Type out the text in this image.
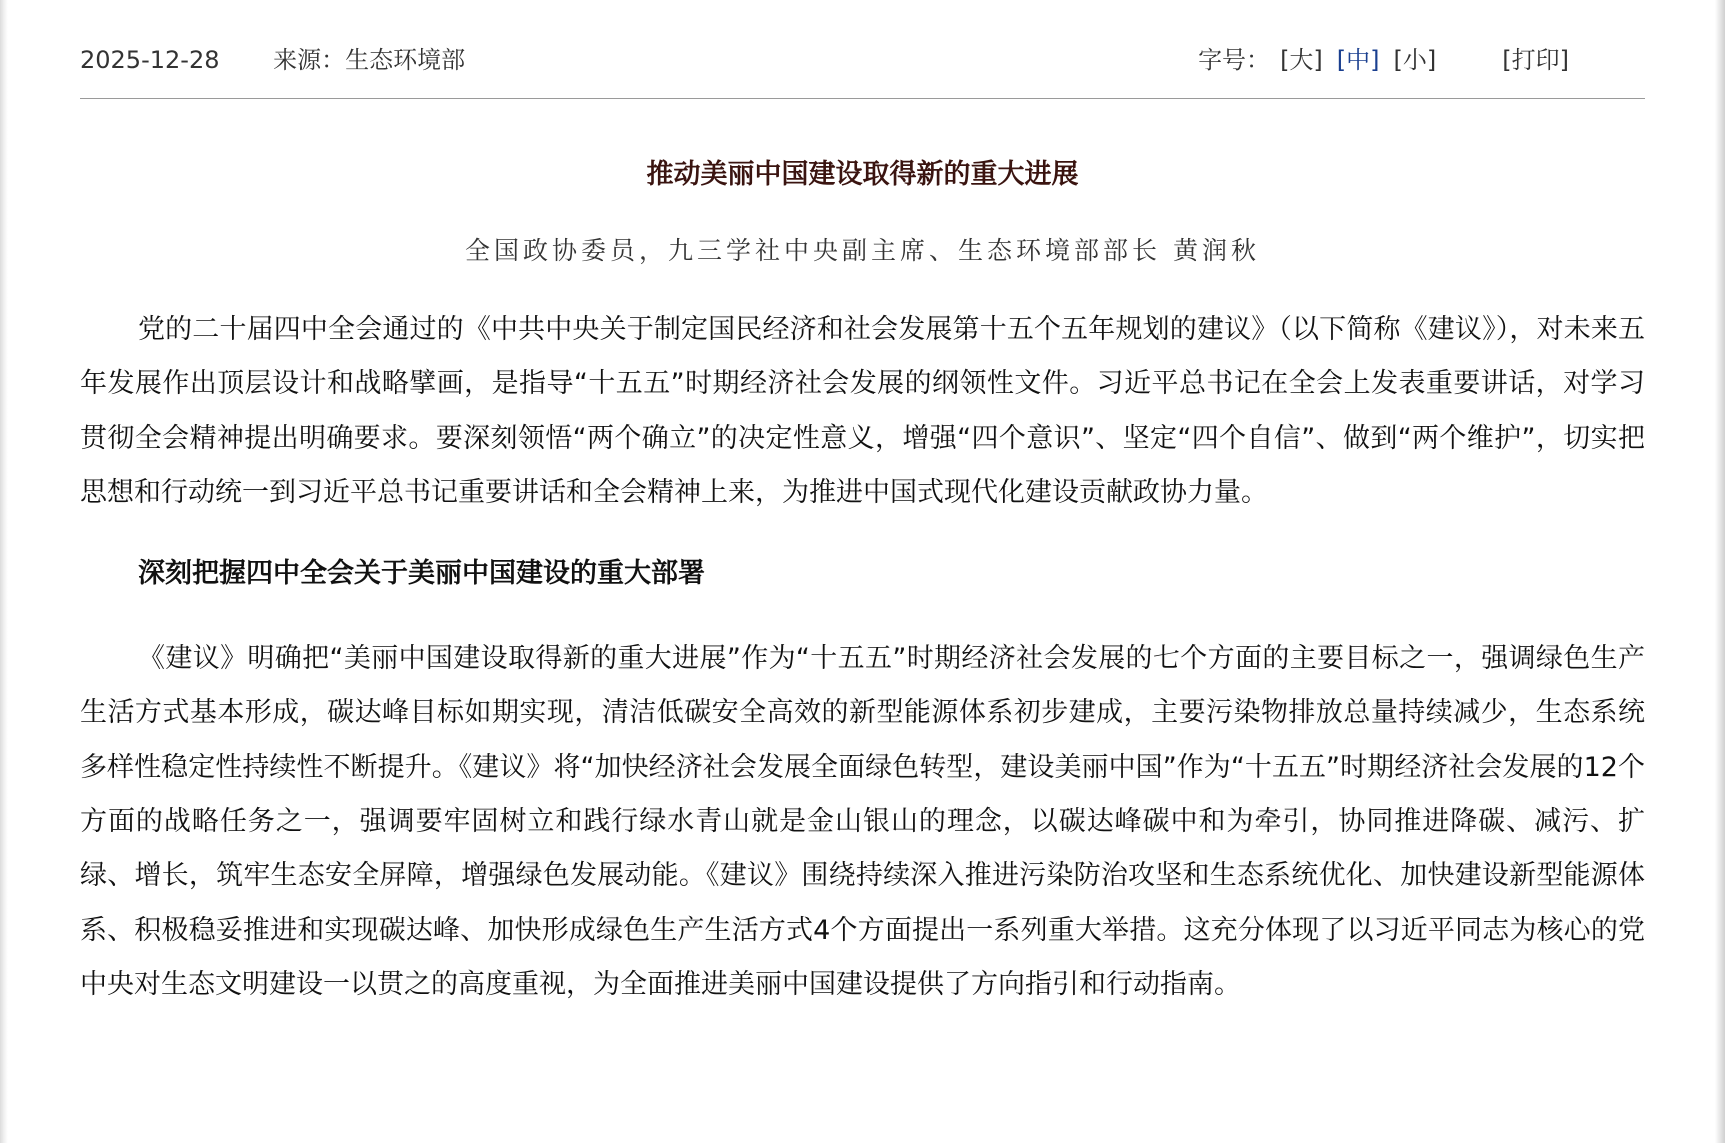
2025-12-28 来源：生态环境部	字号： [大] [中] [小]	[打印]
推动美丽中国建设取得新的重大进展
全国政协委员，九三学社中央副主席、生态环境部部长 黄润秋

党的二十届四中全会通过的《中共中央关于制定国民经济和社会发展第十五个五年规划的建议》（以下简称《建议》），对未来五年发展作出顶层设计和战略擘画，是指导“十五五”时期经济社会发展的纲领性文件。习近平总书记在全会上发表重要讲话，对学习贯彻全会精神提出明确要求。要深刻领悟“两个确立”的决定性意义，增强“四个意识”、坚定“四个自信”、做到“两个维护”，切实把思想和行动统一到习近平总书记重要讲话和全会精神上来，为推进中国式现代化建设贡献政协力量。

深刻把握四中全会关于美丽中国建设的重大部署

《建议》明确把“美丽中国建设取得新的重大进展”作为“十五五”时期经济社会发展的七个方面的主要目标之一，强调绿色生产生活方式基本形成，碳达峰目标如期实现，清洁低碳安全高效的新型能源体系初步建成，主要污染物排放总量持续减少，生态系统多样性稳定性持续性不断提升。《建议》将“加快经济社会发展全面绿色转型，建设美丽中国”作为“十五五”时期经济社会发展的12个方面的战略任务之一，强调要牢固树立和践行绿水青山就是金山银山的理念，以碳达峰碳中和为牵引，协同推进降碳、减污、扩绿、增长，筑牢生态安全屏障，增强绿色发展动能。《建议》围绕持续深入推进污染防治攻坚和生态系统优化、加快建设新型能源体系、积极稳妥推进和实现碳达峰、加快形成绿色生产生活方式4个方面提出一系列重大举措。这充分体现了以习近平同志为核心的党中央对生态文明建设一以贯之的高度重视，为全面推进美丽中国建设提供了方向指引和行动指南。
